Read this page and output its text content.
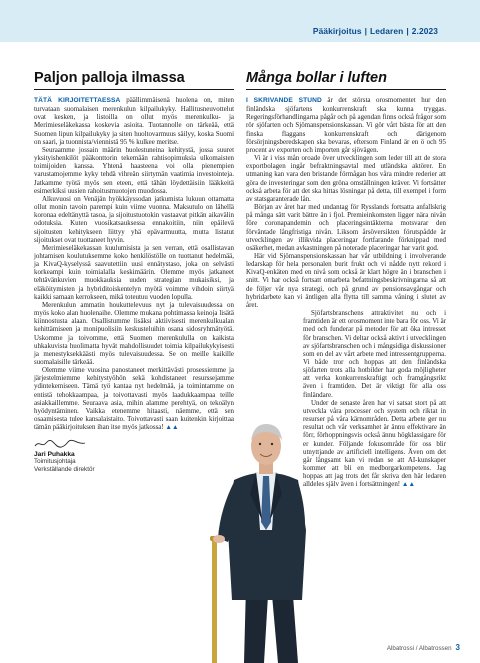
Pääkirjoitus | Ledaren | 2.2023
Paljon palloja ilmassa

TÄTÄ KIRJOITETTAESSA päällimmäisenä huolena on, miten turvataan suomalaisen merenkulun kilpailukyky. Hallitusneuvottelut ovat kesken, ja listoilla on ollut myös merenkulku- ja Merimieseläkekassa koskevia asioita. Tuotannolle on tärkeää, että Suomen lipun kilpailukyky ja siten huoltovarmuus säilyy, koska Suomi on saari, ja tuonnista/viennistä 95 % kulkee meritse.

Seuraamme jossain määrin huolestuneina kehitystä, jossa suuret yksityishenkilöt pääkonttorin tekemään rahtisopimuksia ulkomaisten toimijoiden kanssa. Yhtenä haasteena voi olla pienempien varustamojemme kyky tehdä vihreän siirtymän vaatimia investointeja. Jatkamme työtä myös sen eteen, että tähän löydettäisiin lääkkeitä esimerkiksi uusien rahoitusmuotojen muodossa.

Alkuvuosi on Venäjän hyökkäyssodan jatkumista lukuun ottamatta ollut monin tavoin parempi kuin viime vuonna. Maksutulo on lähellä koronaa edeltänyttä tasoa, ja sijoitustuotokin vastaavat pitkän aikavälin odotuksia. Kuten vuosikatsauksessa ennakoitiin, niin epäilevä sijoitusten kehitykseen liittyy yhä epävarmuutta, mutta listatut sijoitukset ovat tuottaneet hyvin.

Merimieseläkekassan kuulumisista ja sen verran, että osallistavan johtamisen koulutuksemme koko henkilöstölle on tuottanut hedelmää, ja KivaQ-kyselyssä saavutettiin uusi ennätystaso, joka on selvästi korkeampi kuin toimialalla keskimäärin. Olemme myös jatkaneet tehtävänkuvien muokkauksia uuden strategian mukaisiksi, ja eläköitymisten ja hybriditoiskentelyn myötä voimme vihdoin siirtyä kaikki samaan kerrokseen, mikä toteutuu vuoden lopulla.

Merenkulun ammatin houkuttelevuus nyt ja tulevaisuudessa on myös koko alan huolenaihe. Olemme mukana pohtimassa keinoja lisätä kiinnostusta alaan. Osallistumme lisäksi aktiivisesti merenkulkualan kehittämiseen ja monipuolisiin keskusteluihin osana sidosryhmätyötä. Uskomme ja toivomme, että Suomen merenkululla on kaikista uhkakuvista huolimatta hyvät mahdollisuudet toimia kilpailukykyisesti ja menestyksekkäästi myös tulevaisuudessa. Se on meille kaikille suomalaisille tärkeää.

Olemme viime vuosina panostaneet merkittävästi prosessiemme ja järjestelmiemme kehitystyöhön sekä kohdistaneet resurssejamme ydintekemiseen. Tämä työ kantaa nyt hedelmää, ja toimintamme on entistä tehokkaampaa, ja toivottavasti myös laadukkaampaa teille asiakkaillemme. Seuraava asia, mihin alamme perehtyä, on tekoälyn hyödyntäminen. Vaikka etenemme hitaasti, näemme, että sen osaamisesta tulee kansalaistaito. Toivottavasti saan kuitenkin kirjoittaa tämän pääkirjoituksen ihan itse myös jatkossa! ▲▲

Jari Puhakka
Toimitusjohtaja
Verkställande direktör
Många bollar i luften

I SKRIVANDE STUND är det största orosmomentet hur den finländska sjöfartens konkurrenskraft ska kunna tryggas. Regeringsförhandlingarna pågår och på agendan finns också frågor som rör sjöfarten och Sjömanspensionskassan. Vi gör vårt bästa för att den finska flaggans konkurrenskraft och därigenom försörjningsberedskapen ska bevaras, eftersom Finland är en ö och 95 procent av exporten och importen går sjövägen.

Vi är i viss mån oroade över utvecklingen som leder till att de stora exportbolagen ingår befraktningsavtal med utländska aktörer. En utmaning kan vara den bristande förmågan hos våra mindre rederier att göra de investeringar som den gröna omställningen kräver. Vi fortsätter också arbeta för att det ska hittas lösningar på detta, till exempel i form av statsgaranterade lån.

Början av året har med undantag för Rysslands fortsatta anfallskrig på många sätt varit bättre än i fjol. Premieinkomsten ligger nära nivån före coronapandemin och placeringsintäkterna motsvarar den förväntade långfristiga nivån. Liksom årsöversikten förutspådde är utvecklingen av illikvida placeringar fortfarande förknippad med osäkerhet, medan avkastningen på noterade placeringar har varit god.

Här vid Sjömanspensionskassan har vår utbildning i involverande ledarskap för hela personalen burit frukt och vi nådde nytt rekord i KivaQ-enkäten med en nivå som också är klart högre än i branschen i snitt. Vi har också fortsatt omarbeta befattningsbeskrivningarna så att de följer vår nya strategi, och på grund av pensionsavgångar och hybridarbete kan vi äntligen alla flytta till samma våning i slutet av året.

Sjöfartsbranschens attraktivitet nu och i framtiden är ett orosmoment inte bara för oss. Vi är med och funderar på metoder för att öka intresset för branschen. Vi deltar också aktivt i utvecklingen av sjöfartsbranschen och i mångsidiga diskussioner som en del av vårt arbete med intressentgrupperna. Vi både tror och hoppas att den finländska sjöfarten trots alla hotbilder har goda möjligheter att verka konkurrenskraftigt och framgångsrikt även i framtiden. Det är viktigt för alla oss finländare.

Under de senaste åren har vi satsat stort på att utveckla våra processer och system och riktat in resurser på våra kärnområden. Detta arbete ger nu resultat och vår verksamhet är ännu effektivare än förr, förhoppningsvis också ännu högklassigare för er kunder. Följande fokusområde för oss blir utnyttjande av artificiell intelligens. Även om det går långsamt kan vi redan se att AI-kunskaper kommer att bli en medborgarkompetens. Jag hoppas att jag trots det får skriva den här ledaren alldeles själv även i fortsättningen! ▲▲

Albatrossi / Albatrossen 3
